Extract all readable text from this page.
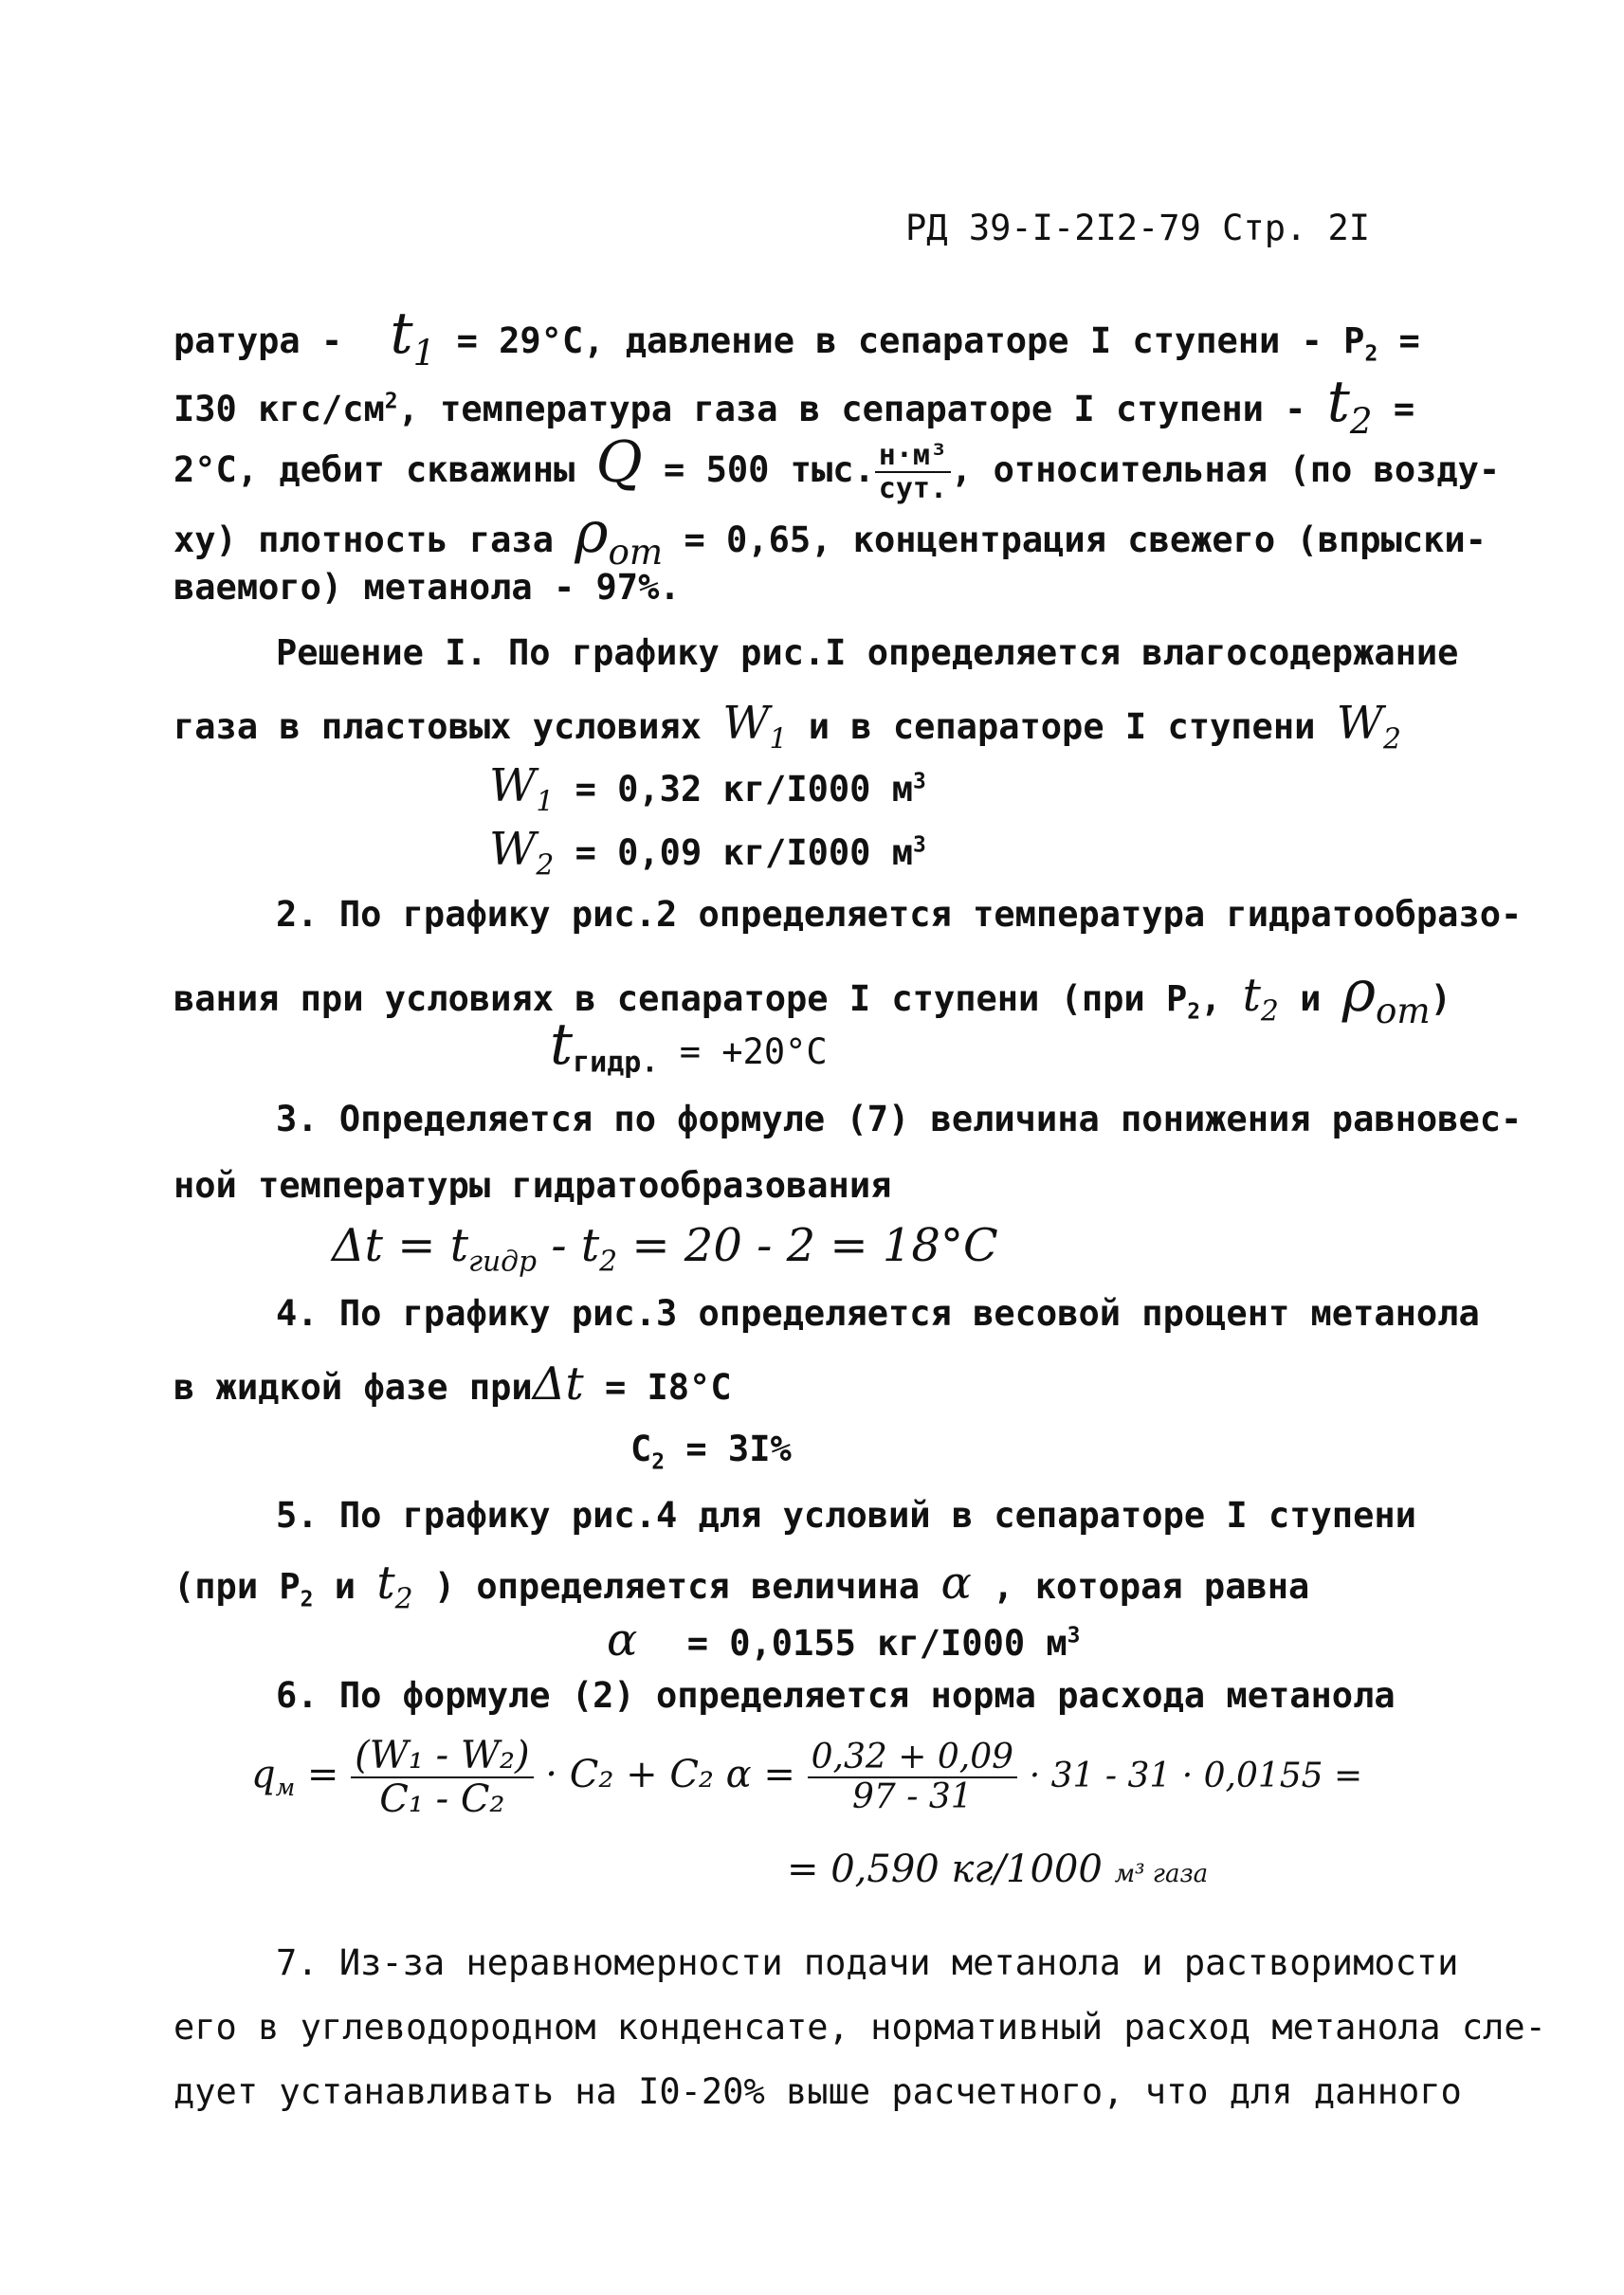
РД 39-I-2I2-79 Стр. 2I
ратура - $t_1 = 29^\circ С$, давление в сепараторе I ступени - $Р_2$ =
I30 кгс/$см^2$, температура газа в сепараторе I ступени - $t_2$ =
2°С, дебит скважины Q = 500 тыс. $\frac{\text{н·м³}}{\text{сут.}}$ , относительная (по возду-
ху) плотность газа $\rho_{от} = 0,65$, концентрация свежего (впрыски-
ваемого) метанола - 97%.
Решение I. По графику рис.I определяется влагосодержание
газа в пластовых условиях $W_1$ и в сепараторе I ступени $W_2$
$W_1 = 0,32$ кг/I000 $м^3$
$W_2 = 0,09$ кг/I000 $м^3$
2. По графику рис.2 определяется температура гидратообразо-
вания при условиях в сепараторе I ступени (при $Р_2$, $t_2$ и $\rho_{от}$)
$t_{гидр.} = +20^\circ С$
3. Определяется по формуле (7) величина понижения равновес-
ной температуры гидратообразования
$\Delta t = t_{гидр} - t_2 = 20 - 2 = 18^\circ С$
4. По графику рис.3 определяется весовой процент метанола
в жидкой фазе приΔt = I8°С
$С_2 = 3I\%$
5. По графику рис.4 для условий в сепараторе I ступени
(при $Р_2$ и $t_2$ ) определяется величина α , которая равна
α = 0,0155 кг/I000 $м^3$
6. По формуле (2) определяется норма расхода метанола
$q_м = \frac{\text{(W₁ - W₂)}}{\text{C₁ - C₂}} \cdot C_2 + C_2$ $\alpha = \frac{0,32 + 0,09}{97 - 31} \cdot 31 - 31 \cdot 0,0155$ =
= 0,590 кг/1000 м³ газа
7. Из-за неравномерности подачи метанола и растворимости
его в углеводородном конденсате, нормативный расход метанола сле-
дует устанавливать на I0-20% выше расчетного, что для данного
